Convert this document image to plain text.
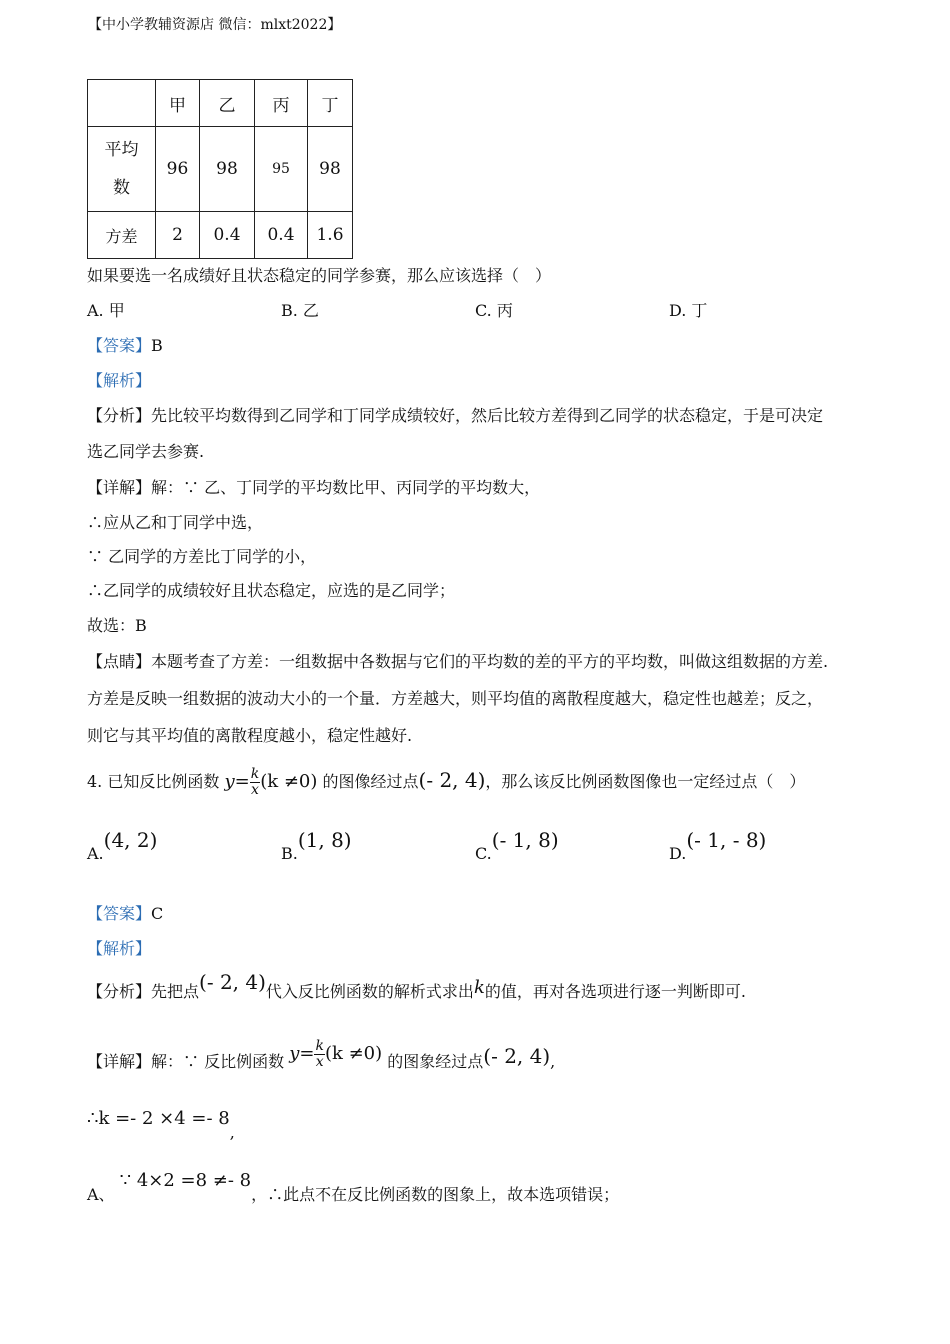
【中小学教辅资源店 微信：mlxt2022】
	甲	乙	丙	丁
平均
数	96	98	95	98
方差	2	0.4	0.4	1.6
如果要选一名成绩好且状态稳定的同学参赛，那么应该选择（　）
A. 甲	B. 乙	C. 丙	D. 丁
【答案】B
【解析】
【分析】先比较平均数得到乙同学和丁同学成绩较好，然后比较方差得到乙同学的状态稳定，于是可决定
选乙同学去参赛.
【详解】解：∵ 乙、丁同学的平均数比甲、丙同学的平均数大，
∴应从乙和丁同学中选，
∵ 乙同学的方差比丁同学的小，
∴乙同学的成绩较好且状态稳定，应选的是乙同学；
故选：B
【点睛】本题考查了方差：一组数据中各数据与它们的平均数的差的平方的平均数，叫做这组数据的方差.
方差是反映一组数据的波动大小的一个量．方差越大，则平均值的离散程度越大，稳定性也越差；反之，
则它与其平均值的离散程度越小，稳定性越好.
4. 已知反比例函数 $y= \frac{k}{x} (k \ne 0)$ 的图像经过点(- 2, 4)，那么该反比例函数图像也一定经过点（　）
A.(4, 2)
B.(1, 8)
C.(- 1, 8)
D.(- 1, - 8)
【答案】C
【解析】
【分析】先把点(- 2, 4)代入反比例函数的解析式求出k的值，再对各选项进行逐一判断即可.
【详解】解：∵ 反比例函数 $y= \frac{k}{x} (k \ne 0)$ 的图象经过点(- 2, 4),
∴k =- 2 ×4 =- 8,
A、 ∵ 4×2 =8 ≠- 8，∴此点不在反比例函数的图象上，故本选项错误；
